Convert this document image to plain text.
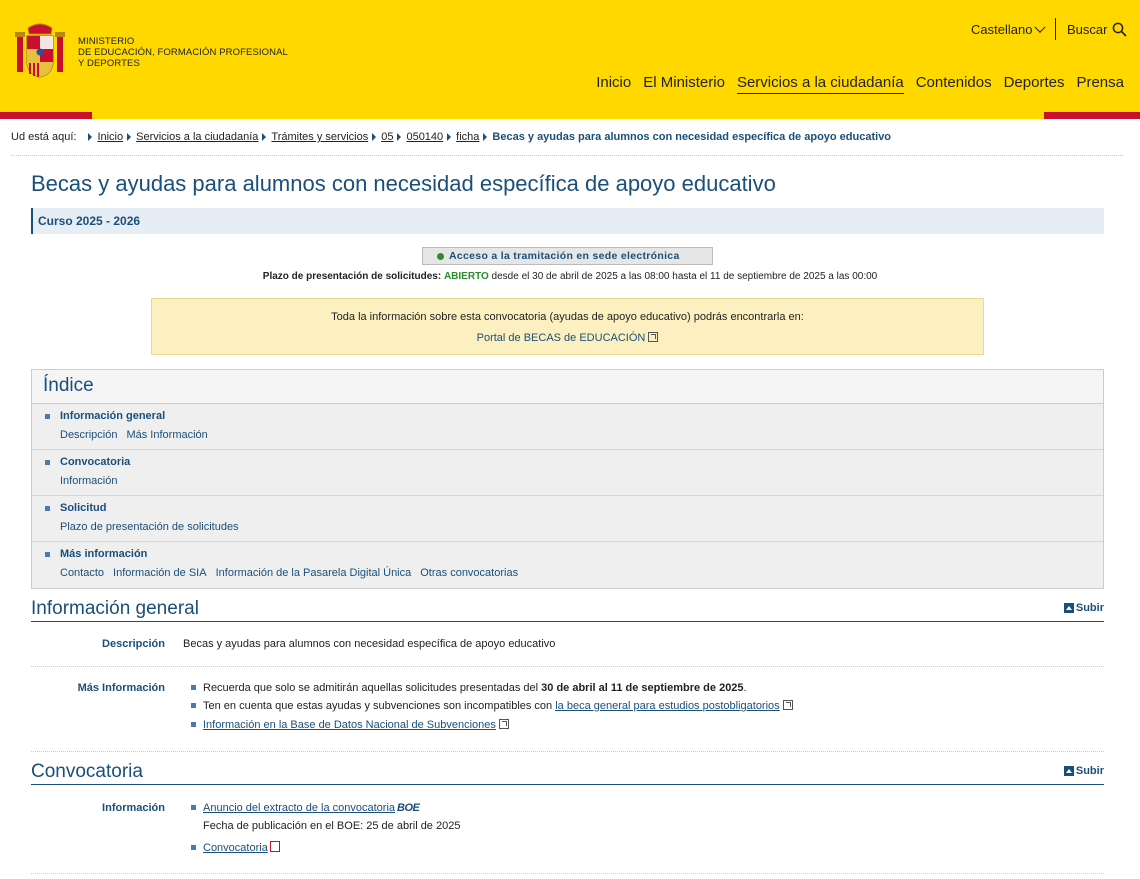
MINISTERIO
DE EDUCACIÓN, FORMACIÓN PROFESIONAL
Y DEPORTES
Castellano	Buscar
Inicio El Ministerio Servicios a la ciudadanía Contenidos Deportes Prensa
Ud está aquí: Inicio Servicios a la ciudadanía Trámites y servicios 05 050140 ficha Becas y ayudas para alumnos con necesidad específica de apoyo educativo
Becas y ayudas para alumnos con necesidad específica de apoyo educativo
Curso 2025 - 2026
Acceso a la tramitación en sede electrónica
Plazo de presentación de solicitudes: ABIERTO desde el 30 de abril de 2025 a las 08:00 hasta el 11 de septiembre de 2025 a las 00:00
Toda la información sobre esta convocatoria (ayudas de apoyo educativo) podrás encontrarla en:
Portal de BECAS de EDUCACIÓN
Índice
Información general
Descripción Más Información
Convocatoria
Información
Solicitud
Plazo de presentación de solicitudes
Más información
Contacto Información de SIA Información de la Pasarela Digital Única Otras convocatorias
Información general	Subir
Descripción Becas y ayudas para alumnos con necesidad específica de apoyo educativo
Más Información	Recuerda que solo se admitirán aquellas solicitudes presentadas del 30 de abril al 11 de septiembre de 2025.
Ten en cuenta que estas ayudas y subvenciones son incompatibles con la beca general para estudios postobligatorios
Información en la Base de Datos Nacional de Subvenciones
Convocatoria	Subir
Información	Anuncio del extracto de la convocatoria BOE
Fecha de publicación en el BOE: 25 de abril de 2025
Convocatoria
